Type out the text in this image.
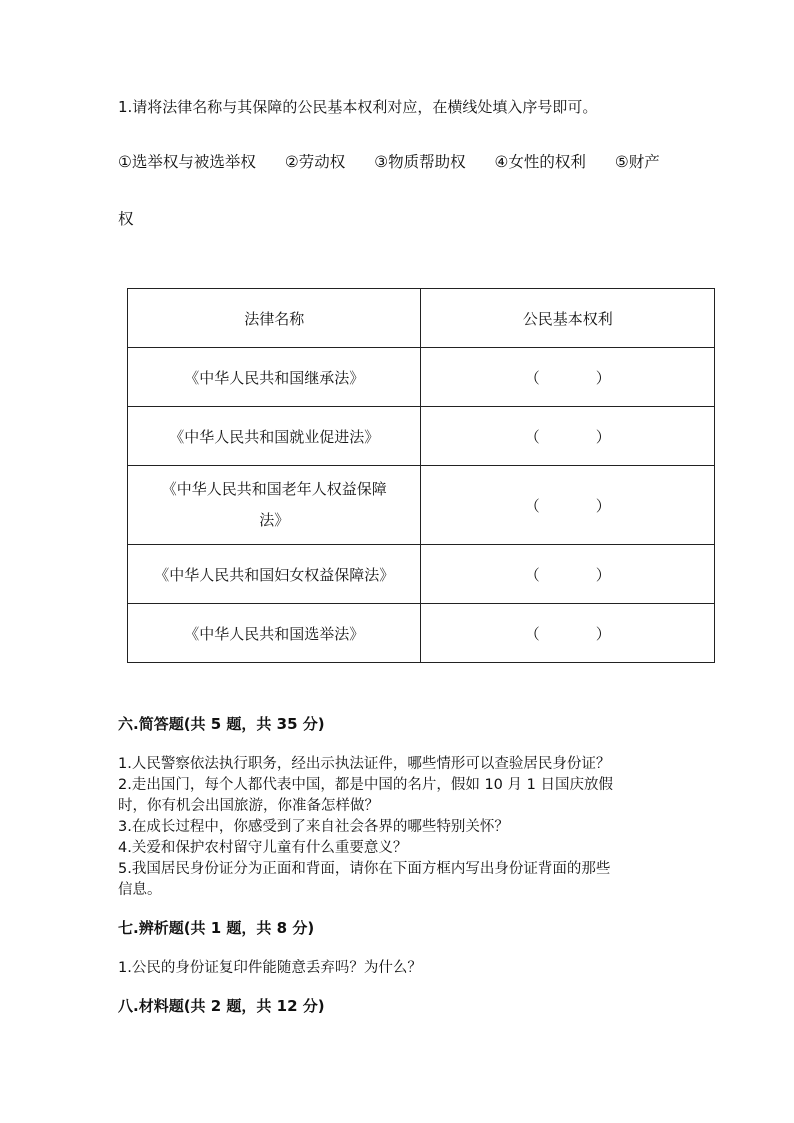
1.请将法律名称与其保障的公民基本权利对应，在横线处填入序号即可。
①选举权与被选举权 ②劳动权 ③物质帮助权 ④女性的权利 ⑤财产
权
法律名称	公民基本权利
《中华人民共和国继承法》	（ ）
《中华人民共和国就业促进法》	（ ）

《中华人民共和国老年人权益保障
法》	（ ）
《中华人民共和国妇女权益保障法》	（ ）
《中华人民共和国选举法》	（ ）
六.简答题(共 5 题，共 35 分)
1.人民警察依法执行职务，经出示执法证件，哪些情形可以查验居民身份证？
2.走出国门，每个人都代表中国，都是中国的名片，假如 10 月 1 日国庆放假
时，你有机会出国旅游，你准备怎样做？
3.在成长过程中，你感受到了来自社会各界的哪些特别关怀？
4.关爱和保护农村留守儿童有什么重要意义？
5.我国居民身份证分为正面和背面，请你在下面方框内写出身份证背面的那些
信息。
七.辨析题(共 1 题，共 8 分)
1.公民的身份证复印件能随意丢弃吗？为什么？
八.材料题(共 2 题，共 12 分)
